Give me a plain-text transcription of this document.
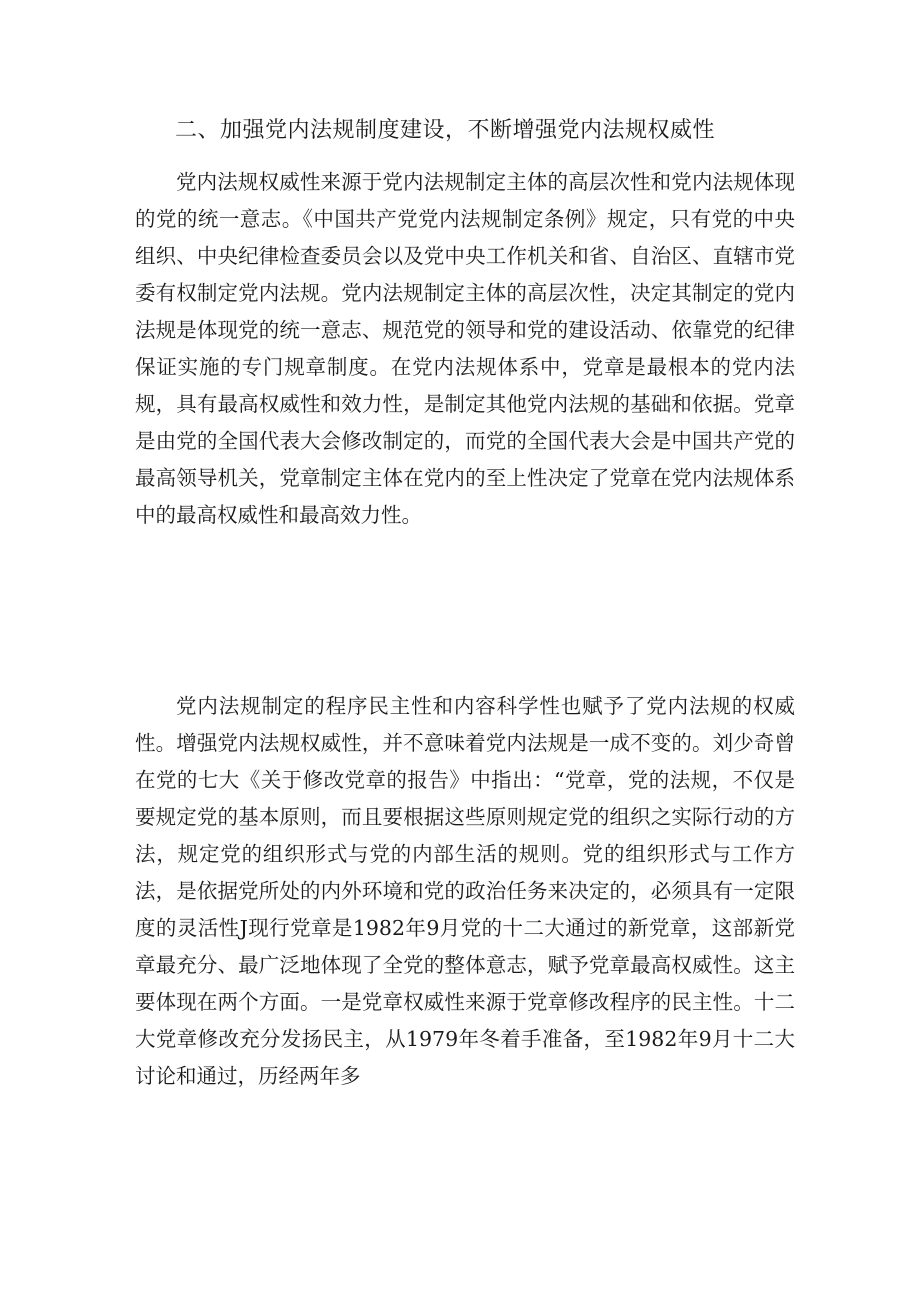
二、加强党内法规制度建设，不断增强党内法规权威性

党内法规权威性来源于党内法规制定主体的高层次性和党内法规体现的党的统一意志。《中国共产党党内法规制定条例》规定，只有党的中央组织、中央纪律检查委员会以及党中央工作机关和省、自治区、直辖市党委有权制定党内法规。党内法规制定主体的高层次性，决定其制定的党内法规是体现党的统一意志、规范党的领导和党的建设活动、依靠党的纪律保证实施的专门规章制度。在党内法规体系中，党章是最根本的党内法规，具有最高权威性和效力性，是制定其他党内法规的基础和依据。党章是由党的全国代表大会修改制定的，而党的全国代表大会是中国共产党的最高领导机关，党章制定主体在党内的至上性决定了党章在党内法规体系中的最高权威性和最高效力性。

党内法规制定的程序民主性和内容科学性也赋予了党内法规的权威性。增强党内法规权威性，并不意味着党内法规是一成不变的。刘少奇曾在党的七大《关于修改党章的报告》中指出：“党章，党的法规，不仅是要规定党的基本原则，而且要根据这些原则规定党的组织之实际行动的方法，规定党的组织形式与党的内部生活的规则。党的组织形式与工作方法，是依据党所处的内外环境和党的政治任务来决定的，必须具有一定限度的灵活性J现行党章是1982年9月党的十二大通过的新党章，这部新党章最充分、最广泛地体现了全党的整体意志，赋予党章最高权威性。这主要体现在两个方面。一是党章权威性来源于党章修改程序的民主性。十二大党章修改充分发扬民主，从1979年冬着手准备，至1982年9月十二大讨论和通过，历经两年多
